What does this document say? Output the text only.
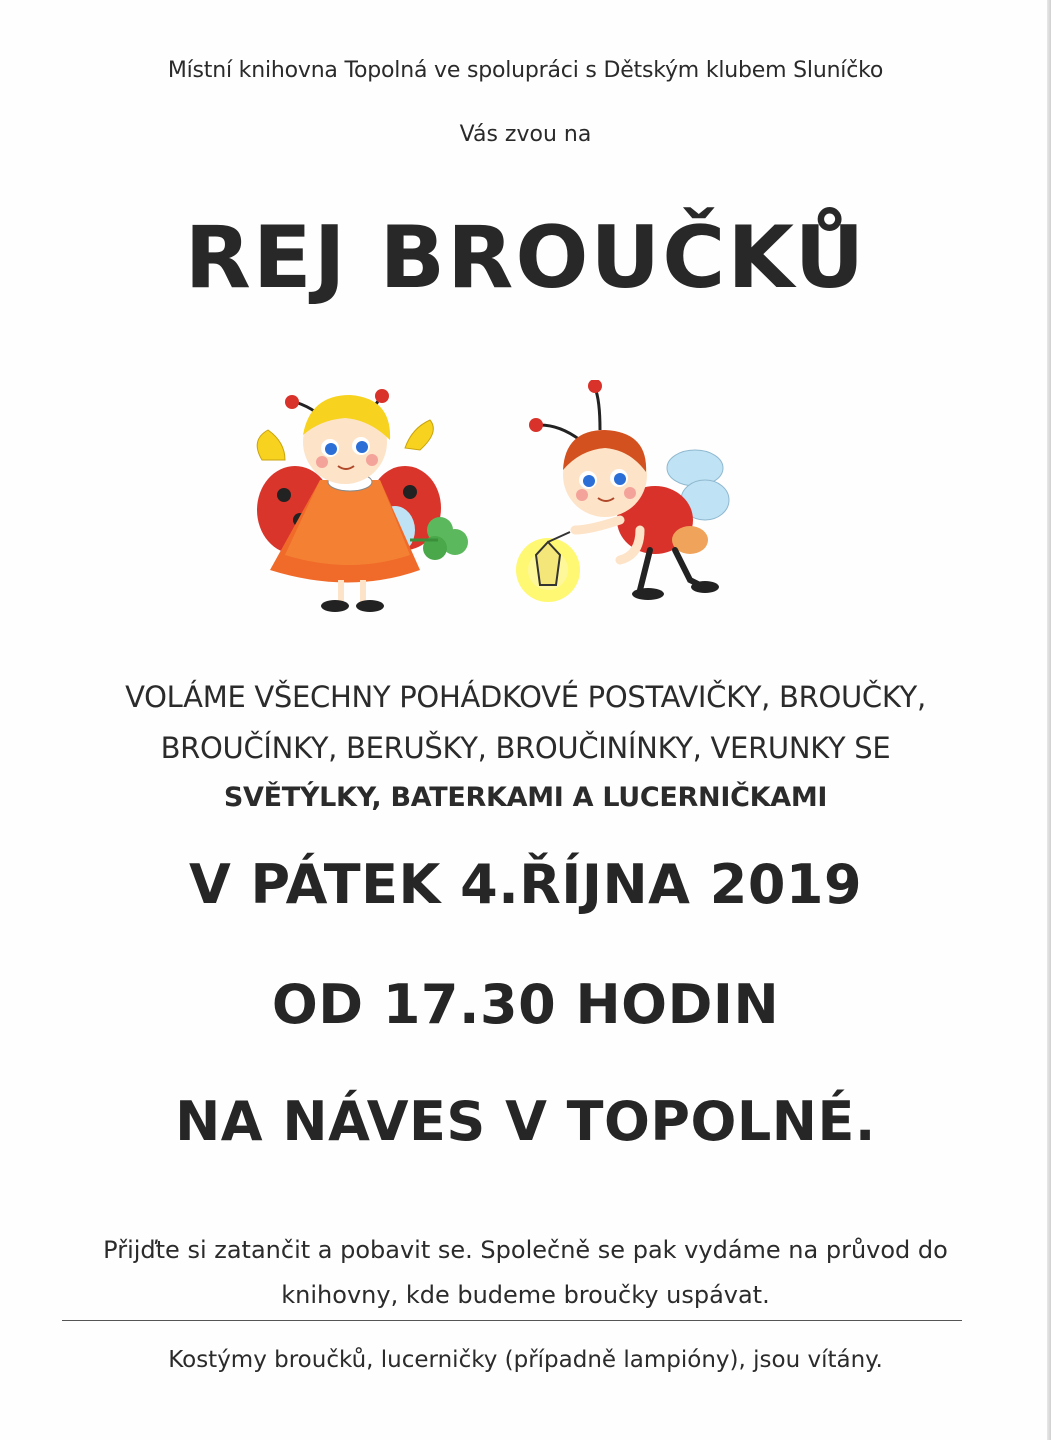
Místní knihovna Topolná ve spolupráci s Dětským klubem Sluníčko
Vás zvou na
REJ BROUČKŮ
VOLÁME VŠECHNY POHÁDKOVÉ POSTAVIČKY, BROUČKY,
BROUČÍNKY, BERUŠKY, BROUČINÍNKY, VERUNKY SE
SVĚTÝLKY, BATERKAMI A LUCERNIČKAMI
V PÁTEK 4.ŘÍJNA 2019
OD 17.30 HODIN
NA NÁVES V TOPOLNÉ.
Přijďte si zatančit a pobavit se. Společně se pak vydáme na průvod do
knihovny, kde budeme broučky uspávat.
Kostýmy broučků, lucerničky (případně lampióny), jsou vítány.
